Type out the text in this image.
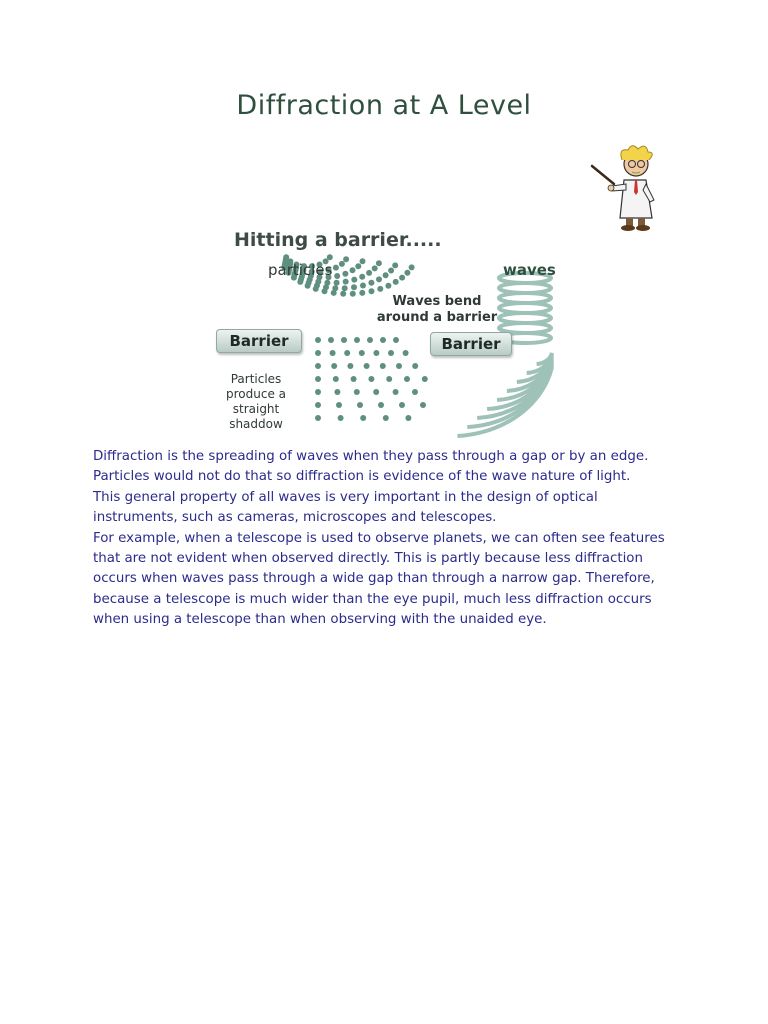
Diffraction at A Level
Hitting a barrier.....
particles	waves
Waves bend around a barrier
Particles produce a straight shaddow
Barrier	Barrier

Diffraction is the spreading of waves when they pass through a gap or by an edge. Particles would not do that so diffraction is evidence of the wave nature of light.

This general property of all waves is very important in the design of optical instruments, such as cameras, microscopes and telescopes.

For example, when a telescope is used to observe planets, we can often see features that are not evident when observed directly. This is partly because less diffraction occurs when waves pass through a wide gap than through a narrow gap. Therefore, because a telescope is much wider than the eye pupil, much less diffraction occurs when using a telescope than when observing with the unaided eye.
